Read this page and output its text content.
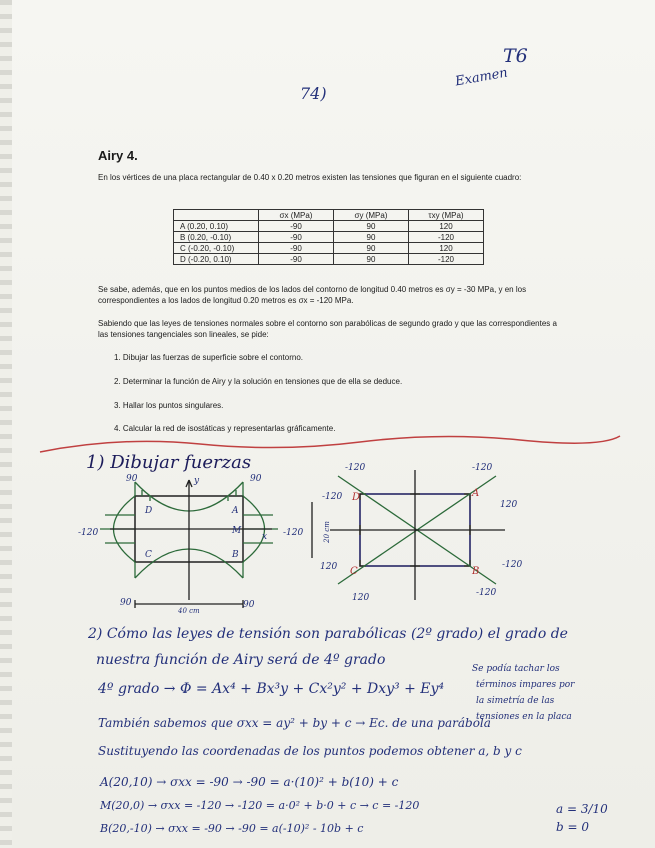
T6
Examen
74)
Airy 4.
En los vértices de una placa rectangular de 0.40 x 0.20 metros existen las tensiones que figuran en el siguiente cuadro:
	σx (MPa)	σy (MPa)	τxy (MPa)
A (0.20, 0.10)	-90	90	120
B (0.20, -0.10)	-90	90	-120
C (-0.20, -0.10)	-90	90	120
D (-0.20, 0.10)	-90	90	-120
Se sabe, además, que en los puntos medios de los lados del contorno de longitud 0.40 metros es σy = -30 MPa, y en los correspondientes a los lados de longitud 0.20 metros es σx = -120 MPa.
Sabiendo que las leyes de tensiones normales sobre el contorno son parabólicas de segundo grado y que las correspondientes a las tensiones tangenciales son lineales, se pide:
1. Dibujar las fuerzas de superficie sobre el contorno.
2. Determinar la función de Airy y la solución en tensiones que de ella se deduce.
3. Hallar los puntos singulares.
4. Calcular la red de isostáticas y representarlas gráficamente.
1) Dibujar fuerzas
90	90
-120	-120
90	90
D	A
M
C	B
y
x
40 cm
20 cm
-120	-120
120
-120
-120
120
120	-120
D	A
C	B
2) Cómo las leyes de tensión son parabólicas (2º grado) el grado de
nuestra función de Airy será de 4º grado
4º grado → Φ = Ax⁴ + Bx³y + Cx²y² + Dxy³ + Ey⁴
También sabemos que σxx = ay² + by + c → Ec. de una parábola
Sustituyendo las coordenadas de los puntos podemos obtener a, b y c
A(20,10) → σxx = -90 → -90 = a·(10)² + b(10) + c
M(20,0) → σxx = -120 → -120 = a·0² + b·0 + c → c = -120
B(20,-10) → σxx = -90 → -90 = a(-10)² - 10b + c
Se podía tachar los
términos impares por
la simetría de las
tensiones en la placa
a = 3/10
b = 0
